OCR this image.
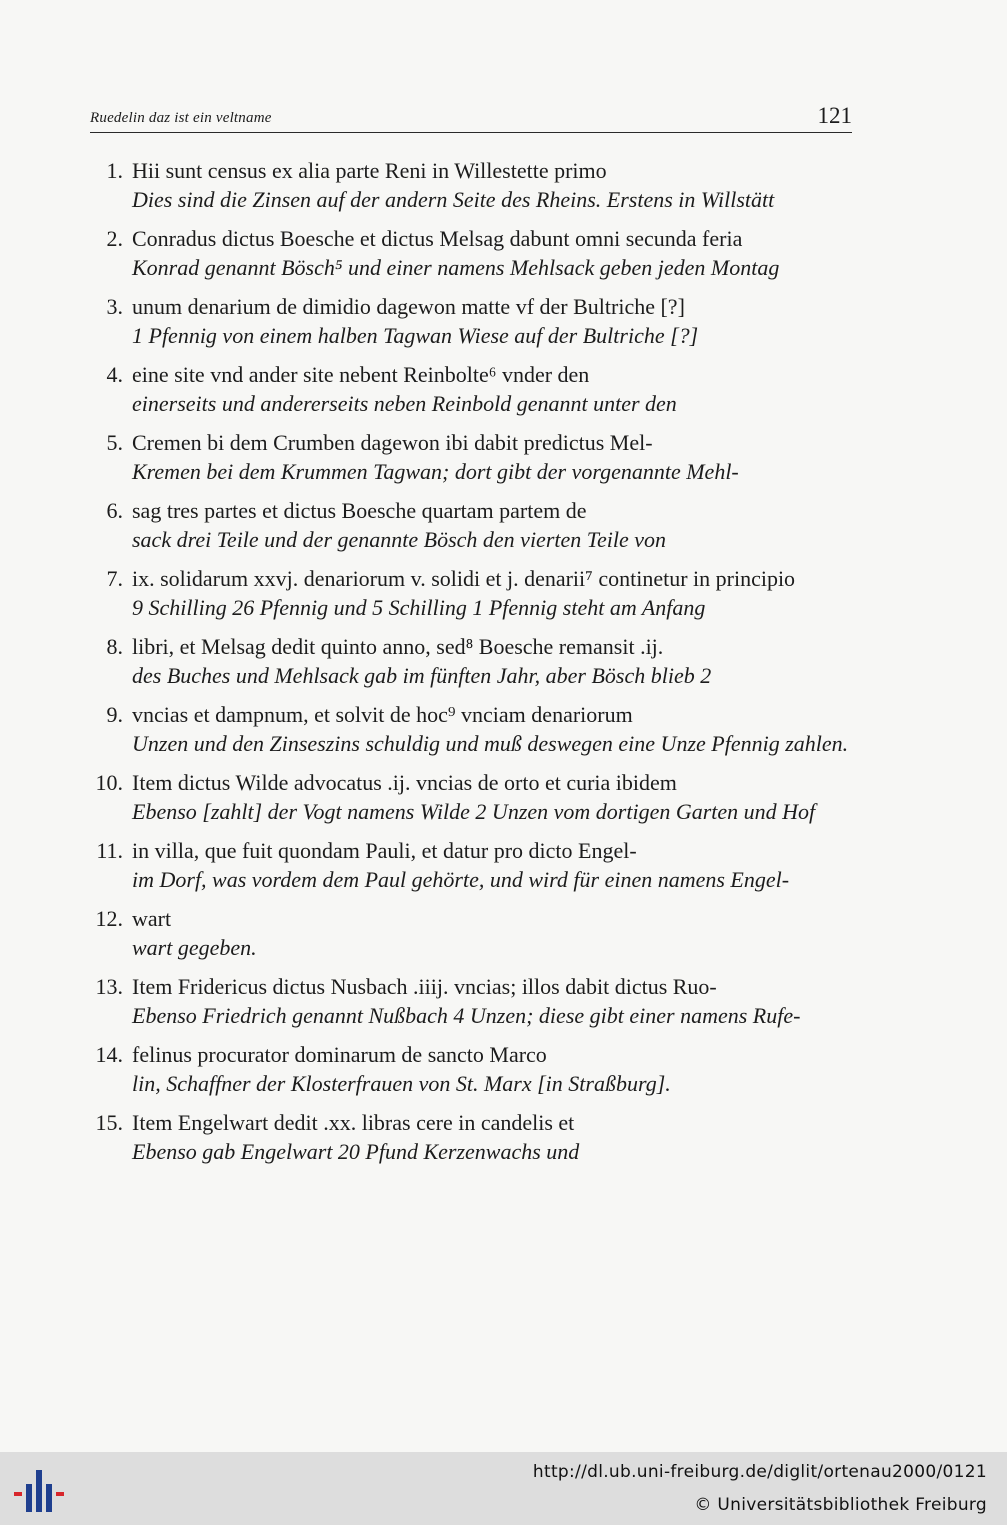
Ruedelin daz ist ein veltname	121
1. Hii sunt census ex alia parte Reni in Willestette primo
Dies sind die Zinsen auf der andern Seite des Rheins. Erstens in Willstätt
2. Conradus dictus Boesche et dictus Melsag dabunt omni secunda feria
Konrad genannt Bösch⁵ und einer namens Mehlsack geben jeden Montag
3. unum denarium de dimidio dagewon matte vf der Bultriche [?]
1 Pfennig von einem halben Tagwan Wiese auf der Bultriche [?]
4. eine site vnd ander site nebent Reinbolte⁶ vnder den
einerseits und andererseits neben Reinbold genannt unter den
5. Cremen bi dem Crumben dagewon ibi dabit predictus Mel-
Kremen bei dem Krummen Tagwan; dort gibt der vorgenannte Mehl-
6. sag tres partes et dictus Boesche quartam partem de
sack drei Teile und der genannte Bösch den vierten Teile von
7. ix. solidarum xxvj. denariorum v. solidi et j. denarii⁷ continetur in principio
9 Schilling 26 Pfennig und 5 Schilling 1 Pfennig steht am Anfang
8. libri, et Melsag dedit quinto anno, sed⁸ Boesche remansit .ij.
des Buches und Mehlsack gab im fünften Jahr, aber Bösch blieb 2
9. vncias et dampnum, et solvit de hoc⁹ vnciam denariorum
Unzen und den Zinseszins schuldig und muß deswegen eine Unze Pfennig zahlen.
10. Item dictus Wilde advocatus .ij. vncias de orto et curia ibidem
Ebenso [zahlt] der Vogt namens Wilde 2 Unzen vom dortigen Garten und Hof
11. in villa, que fuit quondam Pauli, et datur pro dicto Engel-
im Dorf, was vordem dem Paul gehörte, und wird für einen namens Engel-
12. wart
wart gegeben.
13. Item Fridericus dictus Nusbach .iiij. vncias; illos dabit dictus Ruo-
Ebenso Friedrich genannt Nußbach 4 Unzen; diese gibt einer namens Rufe-
14. felinus procurator dominarum de sancto Marco
lin, Schaffner der Klosterfrauen von St. Marx [in Straßburg].
15. Item Engelwart dedit .xx. libras cere in candelis et
Ebenso gab Engelwart 20 Pfund Kerzenwachs und
http://dl.ub.uni-freiburg.de/diglit/ortenau2000/0121
© Universitätsbibliothek Freiburg
